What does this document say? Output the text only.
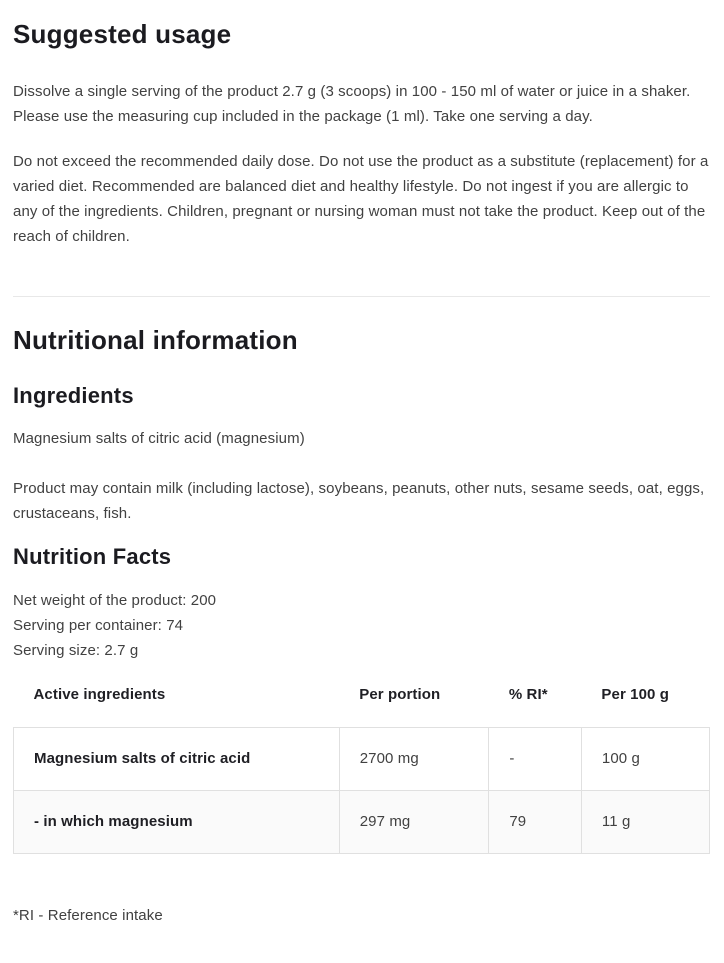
Suggested usage

Dissolve a single serving of the product 2.7 g (3 scoops) in 100 - 150 ml of water or juice in a shaker. Please use the measuring cup included in the package (1 ml). Take one serving a day.

Do not exceed the recommended daily dose. Do not use the product as a substitute (replacement) for a varied diet. Recommended are balanced diet and healthy lifestyle. Do not ingest if you are allergic to any of the ingredients. Children, pregnant or nursing woman must not take the product. Keep out of the reach of children.

Nutritional information
Ingredients

Magnesium salts of citric acid (magnesium)

Product may contain milk (including lactose), soybeans, peanuts, other nuts, sesame seeds, oat, eggs, crustaceans, fish.

Nutrition Facts
Net weight of the product: 200
Serving per container: 74
Serving size: 2.7 g
Active ingredients	Per portion	% RI*	Per 100 g
Magnesium salts of citric acid	2700 mg	-	100 g
- in which magnesium	297 mg	79	11 g

*RI - Reference intake
